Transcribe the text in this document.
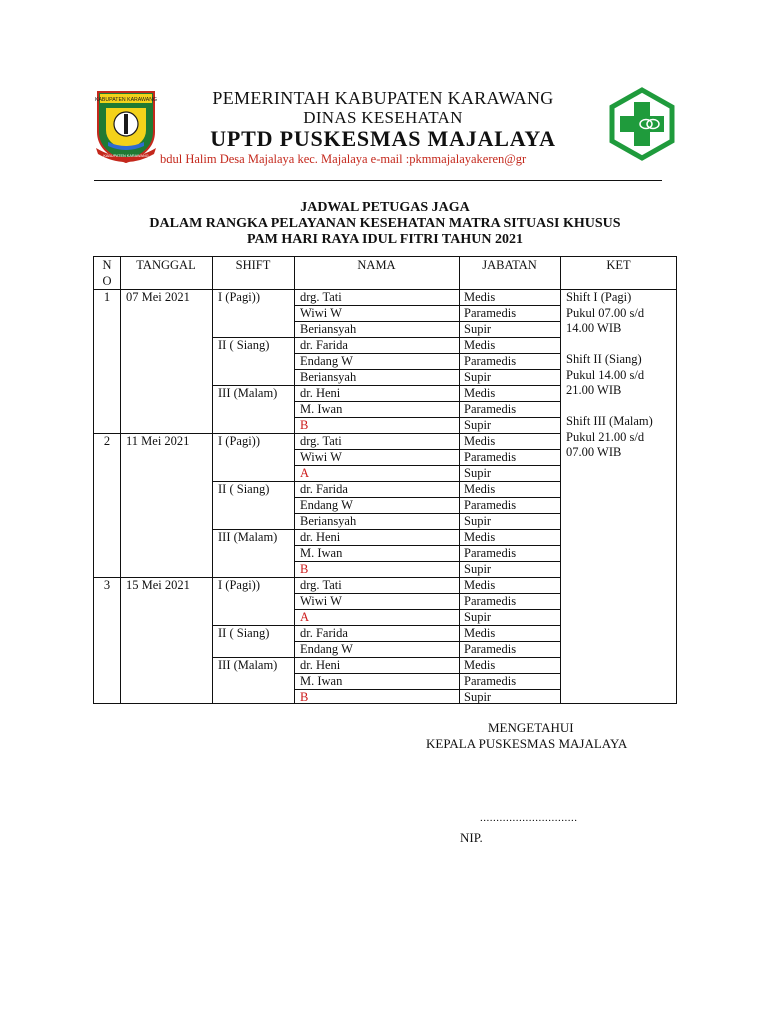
KABUPATEN KARAWANG
KABUPATEN KARAWANG
PEMERINTAH KABUPATEN KARAWANG
DINAS KESEHATAN
UPTD PUSKESMAS MAJALAYA
bdul Halim Desa Majalaya kec. Majalaya e-mail :pkmmajalayakeren@gr
JADWAL PETUGAS JAGA
DALAM RANGKA PELAYANAN KESEHATAN MATRA SITUASI KHUSUS
PAM HARI RAYA IDUL FITRI TAHUN 2021
N
O
TANGGAL	SHIFT	NAMA	JABATAN	KET
1	07 Mei 2021 I (Pagi))	drg. Tati	Medis
Wiwi W	Paramedis
Beriansyah	Supir
II ( Siang) dr. Farida	Medis
Endang W	Paramedis
Beriansyah	Supir
III (Malam) dr. Heni	Medis
M. Iwan	Paramedis
B	Supir
2	11 Mei 2021 I (Pagi))	drg. Tati	Medis
Wiwi W	Paramedis
A	Supir
II ( Siang) dr. Farida	Medis
Endang W	Paramedis
Beriansyah	Supir
III (Malam) dr. Heni	Medis
M. Iwan	Paramedis
B	Supir
3	15 Mei 2021 I (Pagi))	drg. Tati	Medis
Wiwi W	Paramedis
A	Supir
II ( Siang) dr. Farida	Medis
Endang W	Paramedis
III (Malam) dr. Heni	Medis
M. Iwan	Paramedis
B	Supir
Shift I (Pagi)
Pukul 07.00 s/d
14.00 WIB
Shift II (Siang)
Pukul 14.00 s/d
21.00 WIB
Shift III (Malam)
Pukul 21.00 s/d
07.00 WIB
MENGETAHUI
KEPALA PUSKESMAS MAJALAYA
..............................
NIP.
